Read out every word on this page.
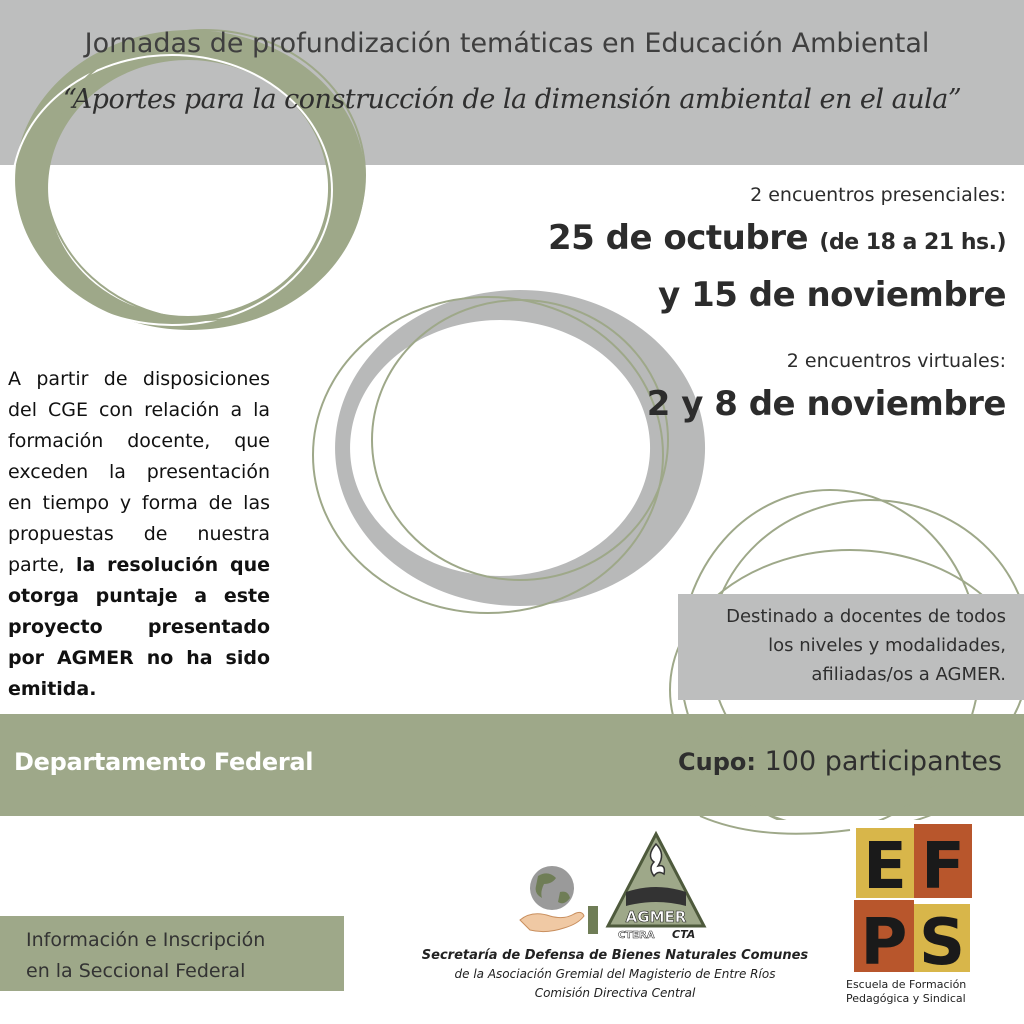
Jornadas de profundización temáticas en Educación Ambiental
“Aportes para la construcción de la dimensión ambiental en el aula”
2 encuentros presenciales:
25 de octubre (de 18 a 21 hs.)
y 15 de noviembre
2 encuentros virtuales:
2 y 8 de noviembre
A partir de disposiciones del CGE con relación a la formación docente, que exceden la presentación en tiempo y forma de las propuestas de nuestra parte, la resolución que otorga puntaje a este proyecto presentado por AGMER no ha sido emitida.
Destinado a docentes de todos
los niveles y modalidades,
afiliadas/os a AGMER.
Departamento Federal	Cupo: 100 participantes
Información e Inscripción
en la Seccional Federal
AGMER
CTERA CTA
Secretaría de Defensa de Bienes Naturales Comunes
de la Asociación Gremial del Magisterio de Entre Ríos
Comisión Directiva Central
E F
P S
Escuela de Formación
Pedagógica y Sindical
